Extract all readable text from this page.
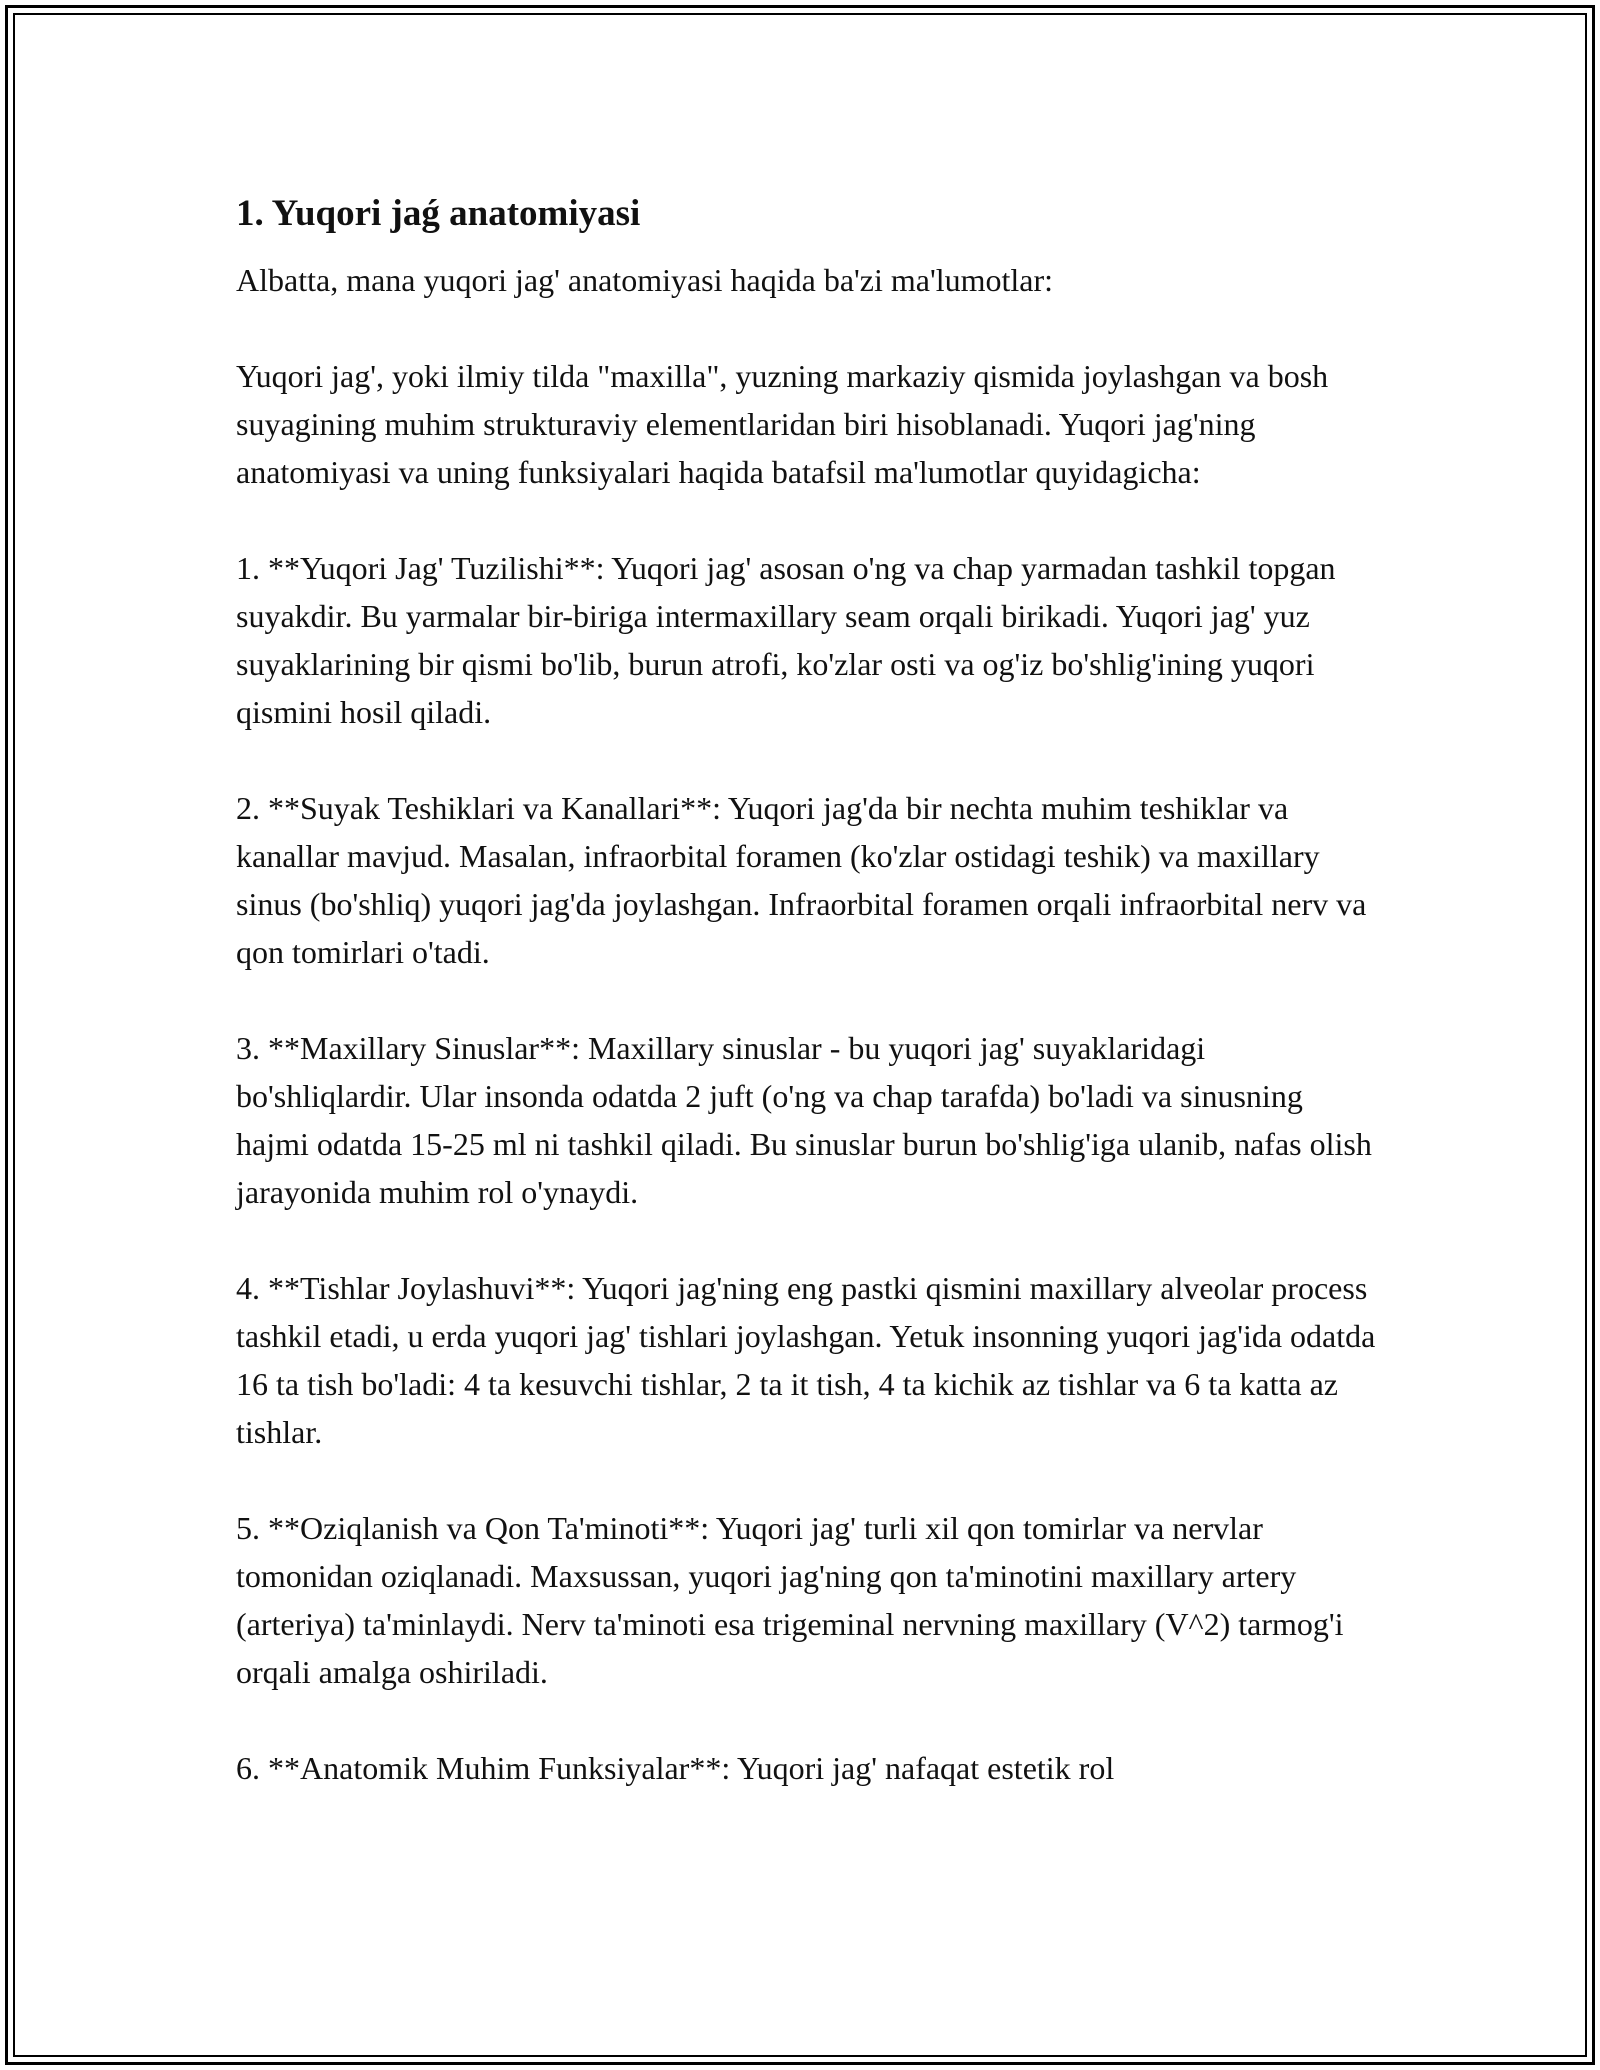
1. Yuqori jaǵ anatomiyasi

Albatta, mana yuqori jag' anatomiyasi haqida ba'zi ma'lumotlar:

Yuqori jag', yoki ilmiy tilda "maxilla", yuzning markaziy qismida joylashgan va bosh suyagining muhim strukturaviy elementlaridan biri hisoblanadi. Yuqori jag'ning anatomiyasi va uning funksiyalari haqida batafsil ma'lumotlar quyidagicha:

1. **Yuqori Jag' Tuzilishi**: Yuqori jag' asosan o'ng va chap yarmadan tashkil topgan suyakdir. Bu yarmalar bir-biriga intermaxillary seam orqali birikadi. Yuqori jag' yuz suyaklarining bir qismi bo'lib, burun atrofi, ko'zlar osti va og'iz bo'shlig'ining yuqori qismini hosil qiladi.

2. **Suyak Teshiklari va Kanallari**: Yuqori jag'da bir nechta muhim teshiklar va kanallar mavjud. Masalan, infraorbital foramen (ko'zlar ostidagi teshik) va maxillary sinus (bo'shliq) yuqori jag'da joylashgan. Infraorbital foramen orqali infraorbital nerv va qon tomirlari o'tadi.

3. **Maxillary Sinuslar**: Maxillary sinuslar - bu yuqori jag' suyaklaridagi bo'shliqlardir. Ular insonda odatda 2 juft (o'ng va chap tarafda) bo'ladi va sinusning hajmi odatda 15-25 ml ni tashkil qiladi. Bu sinuslar burun bo'shlig'iga ulanib, nafas olish jarayonida muhim rol o'ynaydi.

4. **Tishlar Joylashuvi**: Yuqori jag'ning eng pastki qismini maxillary alveolar process tashkil etadi, u erda yuqori jag' tishlari joylashgan. Yetuk insonning yuqori jag'ida odatda 16 ta tish bo'ladi: 4 ta kesuvchi tishlar, 2 ta it tish, 4 ta kichik az tishlar va 6 ta katta az tishlar.

5. **Oziqlanish va Qon Ta'minoti**: Yuqori jag' turli xil qon tomirlar va nervlar tomonidan oziqlanadi. Maxsussan, yuqori jag'ning qon ta'minotini maxillary artery (arteriya) ta'minlaydi. Nerv ta'minoti esa trigeminal nervning maxillary (V^2) tarmog'i orqali amalga oshiriladi.

6. **Anatomik Muhim Funksiyalar**: Yuqori jag' nafaqat estetik rol
